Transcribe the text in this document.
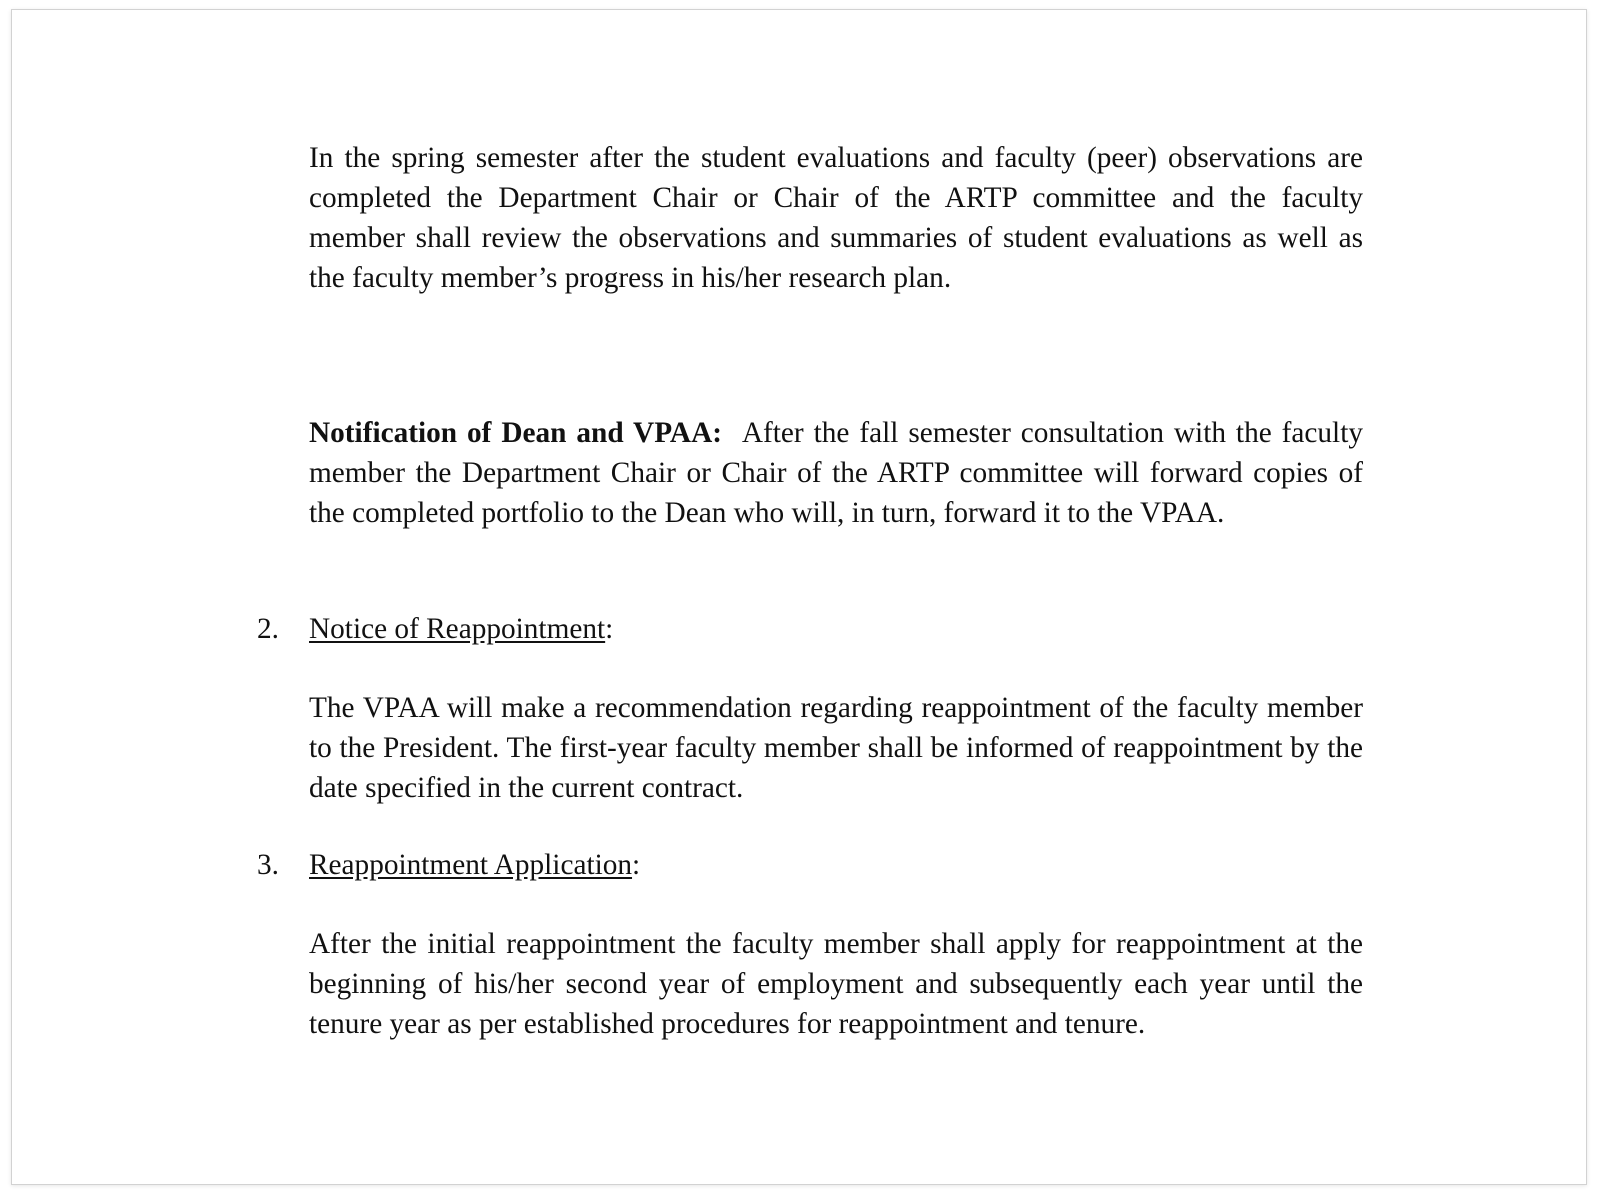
In the spring semester after the student evaluations and faculty (peer) observations are completed the Department Chair or Chair of the ARTP committee and the faculty member shall review the observations and summaries of student evaluations as well as the faculty member’s progress in his/her research plan.

Notification of Dean and VPAA: After the fall semester consultation with the faculty member the Department Chair or Chair of the ARTP committee will forward copies of the completed portfolio to the Dean who will, in turn, forward it to the VPAA.

2. Notice of Reappointment:

The VPAA will make a recommendation regarding reappointment of the faculty member to the President. The first-year faculty member shall be informed of reappointment by the date specified in the current contract.

3. Reappointment Application:

After the initial reappointment the faculty member shall apply for reappointment at the beginning of his/her second year of employment and subsequently each year until the tenure year as per established procedures for reappointment and tenure.
